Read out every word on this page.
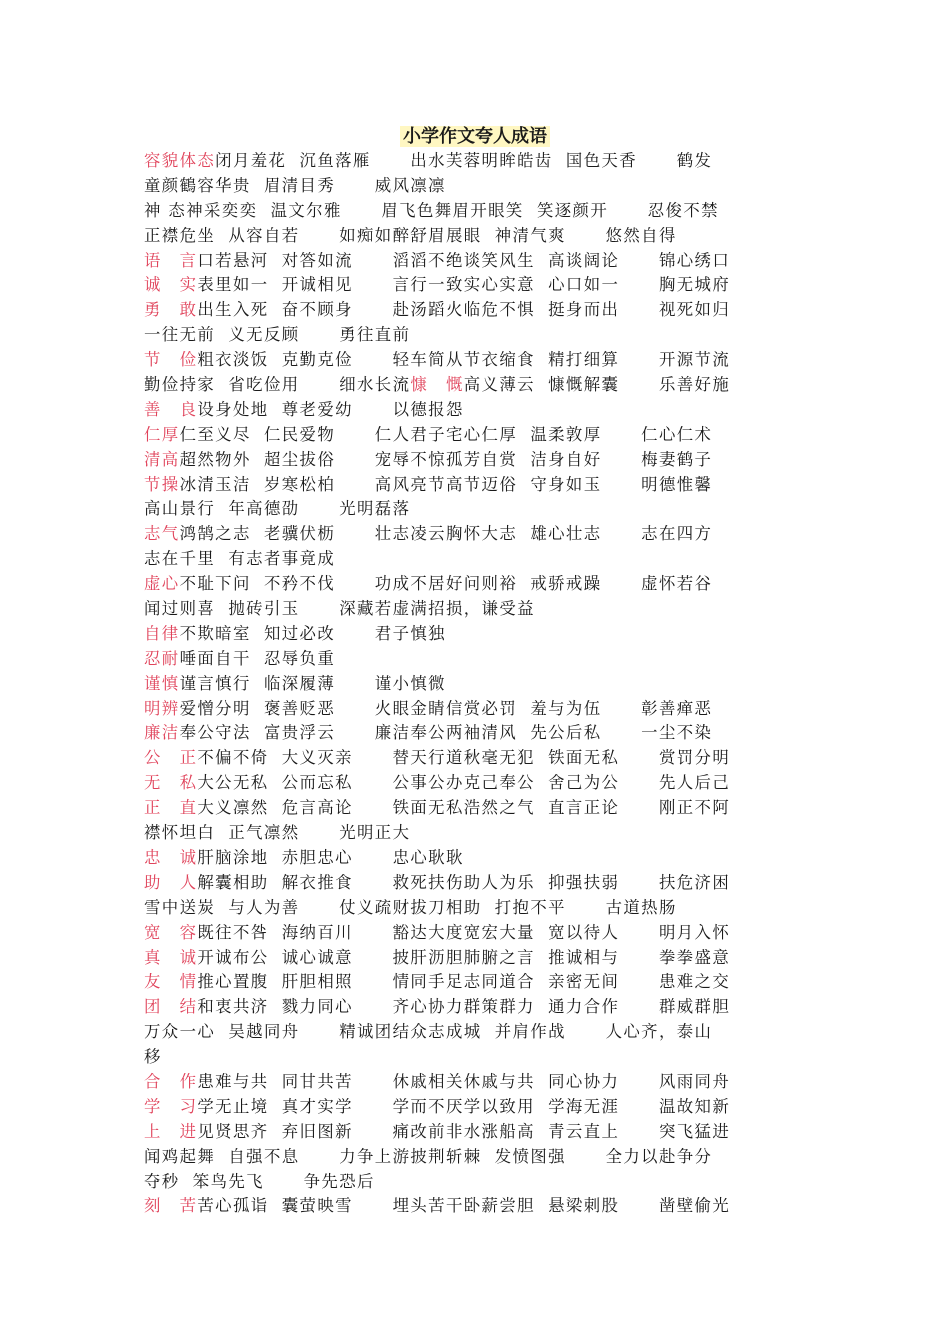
小学作文夸人成语
容貌体态闭月羞花  沉鱼落雁      出水芙蓉明眸皓齿  国色天香      鹤发
童颜鶴容华贵  眉清目秀      威风凛凛
神 态神采奕奕  温文尔雅      眉飞色舞眉开眼笑  笑逐颜开      忍俊不禁
正襟危坐  从容自若      如痴如醉舒眉展眼  神清气爽      悠然自得
语　言口若悬河  对答如流      滔滔不绝谈笑风生  高谈阔论      锦心绣口
诚　实表里如一  开诚相见      言行一致实心实意  心口如一      胸无城府
勇　敢出生入死  奋不顾身      赴汤蹈火临危不惧  挺身而出      视死如归
一往无前  义无反顾      勇往直前
节　俭粗衣淡饭  克勤克俭      轻车简从节衣缩食  精打细算      开源节流
勤俭持家  省吃俭用      细水长流慷　慨高义薄云  慷慨解囊      乐善好施
善　良设身处地  尊老爱幼      以德报怨
仁厚仁至义尽  仁民爱物      仁人君子宅心仁厚  温柔敦厚      仁心仁术
清高超然物外  超尘拔俗      宠辱不惊孤芳自赏  洁身自好      梅妻鹤子
节操冰清玉洁  岁寒松柏      高风亮节高节迈俗  守身如玉      明德惟馨
高山景行  年高德劭      光明磊落
志气鸿鹄之志  老骥伏枥      壮志凌云胸怀大志  雄心壮志      志在四方
志在千里  有志者事竟成
虚心不耻下问  不矜不伐      功成不居好问则裕  戒骄戒躁      虚怀若谷
闻过则喜  抛砖引玉      深藏若虚满招损，谦受益
自律不欺暗室  知过必改      君子慎独
忍耐唾面自干  忍辱负重
谨慎谨言慎行  临深履薄      谨小慎微
明辨爱憎分明  褒善贬恶      火眼金睛信赏必罚  羞与为伍      彰善瘅恶
廉洁奉公守法  富贵浮云      廉洁奉公两袖清风  先公后私      一尘不染
公　正不偏不倚  大义灭亲      替天行道秋毫无犯  铁面无私      赏罚分明
无　私大公无私  公而忘私      公事公办克己奉公  舍己为公      先人后己
正　直大义凛然  危言高论      铁面无私浩然之气  直言正论      刚正不阿
襟怀坦白  正气凛然      光明正大
忠　诚肝脑涂地  赤胆忠心      忠心耿耿
助　人解囊相助  解衣推食      救死扶伤助人为乐  抑强扶弱      扶危济困
雪中送炭  与人为善      仗义疏财拔刀相助  打抱不平      古道热肠
宽　容既往不咎  海纳百川      豁达大度宽宏大量  宽以待人      明月入怀
真　诚开诚布公  诚心诚意      披肝沥胆肺腑之言  推诚相与      拳拳盛意
友　情推心置腹  肝胆相照      情同手足志同道合  亲密无间      患难之交
团　结和衷共济  戮力同心      齐心协力群策群力  通力合作      群威群胆
万众一心  吴越同舟      精诚团结众志成城  并肩作战      人心齐，泰山
移
合　作患难与共  同甘共苦      休戚相关休戚与共  同心协力      风雨同舟
学　习学无止境  真才实学      学而不厌学以致用  学海无涯      温故知新
上　进见贤思齐  弃旧图新      痛改前非水涨船高  青云直上      突飞猛进
闻鸡起舞  自强不息      力争上游披荆斩棘  发愤图强      全力以赴争分
夺秒  笨鸟先飞      争先恐后
刻　苦苦心孤诣  囊萤映雪      埋头苦干卧薪尝胆  悬梁刺股      凿壁偷光
